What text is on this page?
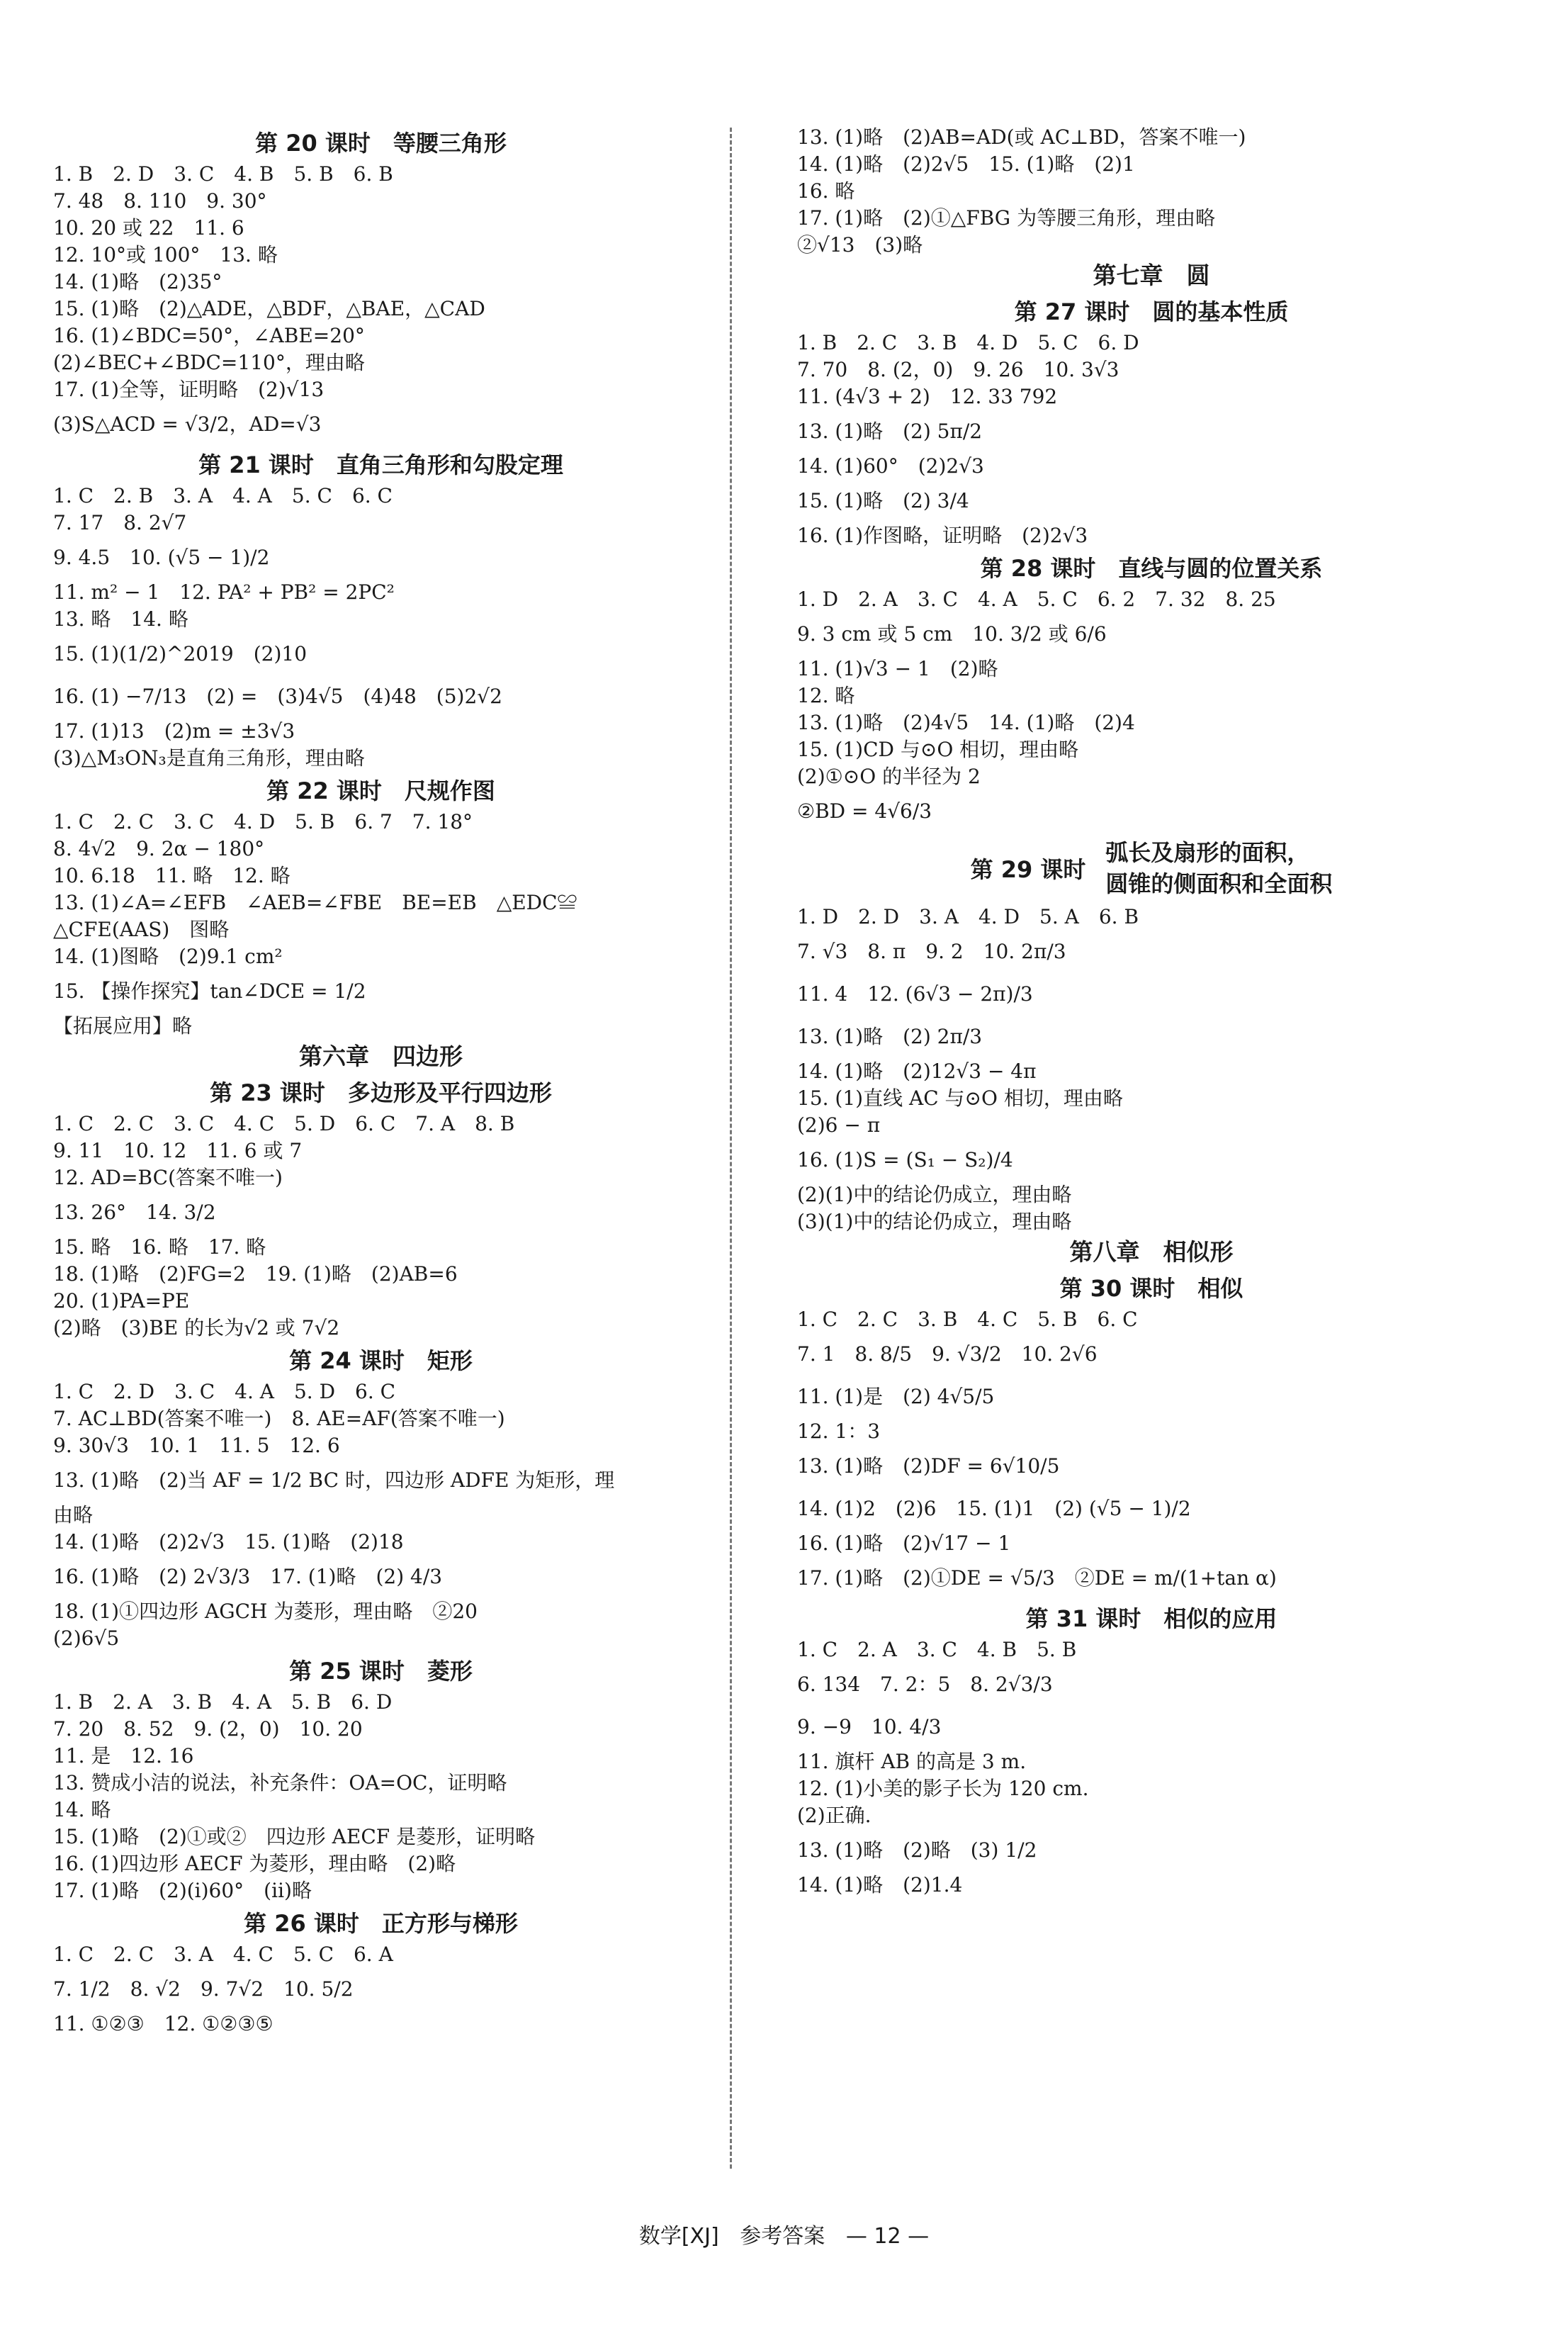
第 20 课时　等腰三角形
1. B　2. D　3. C　4. B　5. B　6. B
7. 48　8. 110　9. 30°
10. 20 或 22　11. 6
12. 10°或 100°　13. 略
14. (1)略　(2)35°
15. (1)略　(2)△ADE，△BDF，△BAE，△CAD
16. (1)∠BDC=50°，∠ABE=20°
(2)∠BEC+∠BDC=110°，理由略
17. (1)全等，证明略　(2)√13
(3)S△ACD = √3/2，AD=√3
第 21 课时　直角三角形和勾股定理
1. C　2. B　3. A　4. A　5. C　6. C
7. 17　8. 2√7
9. 4.5　10. (√5 − 1)/2
11. m² − 1　12. PA² + PB² = 2PC²
13. 略　14. 略
15. (1)(1/2)^2019　(2)10
16. (1) −7/13　(2) =　(3)4√5　(4)48　(5)2√2
17. (1)13　(2)m = ±3√3
(3)△M₃ON₃是直角三角形，理由略
第 22 课时　尺规作图
1. C　2. C　3. C　4. D　5. B　6. 7　7. 18°
8. 4√2　9. 2α − 180°
10. 6.18　11. 略　12. 略
13. (1)∠A=∠EFB　∠AEB=∠FBE　BE=EB　△EDC≌
△CFE(AAS)　图略
14. (1)图略　(2)9.1 cm²
15. 【操作探究】tan∠DCE = 1/2
【拓展应用】略
第六章　四边形
第 23 课时　多边形及平行四边形
1. C　2. C　3. C　4. C　5. D　6. C　7. A　8. B
9. 11　10. 12　11. 6 或 7
12. AD=BC(答案不唯一)
13. 26°　14. 3/2
15. 略　16. 略　17. 略
18. (1)略　(2)FG=2　19. (1)略　(2)AB=6
20. (1)PA=PE
(2)略　(3)BE 的长为√2 或 7√2
第 24 课时　矩形
1. C　2. D　3. C　4. A　5. D　6. C
7. AC⊥BD(答案不唯一)　8. AE=AF(答案不唯一)
9. 30√3　10. 1　11. 5　12. 6
13. (1)略　(2)当 AF = 1/2 BC 时，四边形 ADFE 为矩形，理
由略
14. (1)略　(2)2√3　15. (1)略　(2)18
16. (1)略　(2) 2√3/3　17. (1)略　(2) 4/3
18. (1)①四边形 AGCH 为菱形，理由略　②20
(2)6√5
第 25 课时　菱形
1. B　2. A　3. B　4. A　5. B　6. D
7. 20　8. 52　9. (2，0)　10. 20
11. 是　12. 16
13. 赞成小洁的说法，补充条件：OA=OC，证明略
14. 略
15. (1)略　(2)①或②　四边形 AECF 是菱形，证明略
16. (1)四边形 AECF 为菱形，理由略　(2)略
17. (1)略　(2)(ⅰ)60°　(ⅱ)略
第 26 课时　正方形与梯形
1. C　2. C　3. A　4. C　5. C　6. A
7. 1/2　8. √2　9. 7√2　10. 5/2
11. ①②③　12. ①②③⑤
13. (1)略　(2)AB=AD(或 AC⊥BD，答案不唯一)
14. (1)略　(2)2√5　15. (1)略　(2)1
16. 略
17. (1)略　(2)①△FBG 为等腰三角形，理由略
②√13　(3)略
第七章　圆
第 27 课时　圆的基本性质
1. B　2. C　3. B　4. D　5. C　6. D
7. 70　8. (2，0)　9. 26　10. 3√3
11. (4√3 + 2)　12. 33 792
13. (1)略　(2) 5π/2
14. (1)60°　(2)2√3
15. (1)略　(2) 3/4
16. (1)作图略，证明略　(2)2√3
第 28 课时　直线与圆的位置关系
1. D　2. A　3. C　4. A　5. C　6. 2　7. 32　8. 25
9. 3 cm 或 5 cm　10. 3/2 或 6/6
11. (1)√3 − 1　(2)略
12. 略
13. (1)略　(2)4√5　14. (1)略　(2)4
15. (1)CD 与⊙O 相切，理由略
(2)①⊙O 的半径为 2
②BD = 4√6/3
第 29 课时
弧长及扇形的面积，
圆锥的侧面积和全面积
1. D　2. D　3. A　4. D　5. A　6. B
7. √3　8. π　9. 2　10. 2π/3
11. 4　12. (6√3 − 2π)/3
13. (1)略　(2) 2π/3
14. (1)略　(2)12√3 − 4π
15. (1)直线 AC 与⊙O 相切，理由略
(2)6 − π
16. (1)S = (S₁ − S₂)/4
(2)(1)中的结论仍成立，理由略
(3)(1)中的结论仍成立，理由略
第八章　相似形
第 30 课时　相似
1. C　2. C　3. B　4. C　5. B　6. C
7. 1　8. 8/5　9. √3/2　10. 2√6
11. (1)是　(2) 4√5/5
12. 1：3
13. (1)略　(2)DF = 6√10/5
14. (1)2　(2)6　15. (1)1　(2) (√5 − 1)/2
16. (1)略　(2)√17 − 1
17. (1)略　(2)①DE = √5/3　②DE = m/(1+tan α)
第 31 课时　相似的应用
1. C　2. A　3. C　4. B　5. B
6. 134　7. 2：5　8. 2√3/3
9. −9　10. 4/3
11. 旗杆 AB 的高是 3 m.
12. (1)小美的影子长为 120 cm.
(2)正确.
13. (1)略　(2)略　(3) 1/2
14. (1)略　(2)1.4
数学[XJ] 参考答案 — 12 —
